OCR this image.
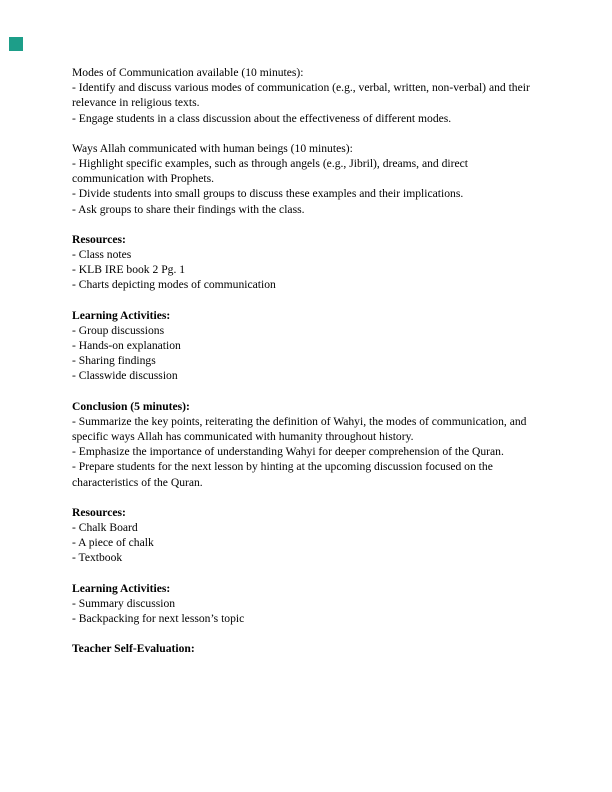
Modes of Communication available (10 minutes):

- Identify and discuss various modes of communication (e.g., verbal, written, non-verbal) and their relevance in religious texts.

- Engage students in a class discussion about the effectiveness of different modes.

Ways Allah communicated with human beings (10 minutes):

- Highlight specific examples, such as through angels (e.g., Jibril), dreams, and direct communication with Prophets.

- Divide students into small groups to discuss these examples and their implications.

- Ask groups to share their findings with the class.

Resources:

- Class notes

- KLB IRE book 2 Pg. 1

- Charts depicting modes of communication

Learning Activities:

- Group discussions

- Hands-on explanation

- Sharing findings

- Classwide discussion

Conclusion (5 minutes):

- Summarize the key points, reiterating the definition of Wahyi, the modes of communication, and specific ways Allah has communicated with humanity throughout history.

- Emphasize the importance of understanding Wahyi for deeper comprehension of the Quran.

- Prepare students for the next lesson by hinting at the upcoming discussion focused on the characteristics of the Quran.

Resources:

- Chalk Board

- A piece of chalk

- Textbook

Learning Activities:

- Summary discussion

- Backpacking for next lesson’s topic

Teacher Self-Evaluation:
